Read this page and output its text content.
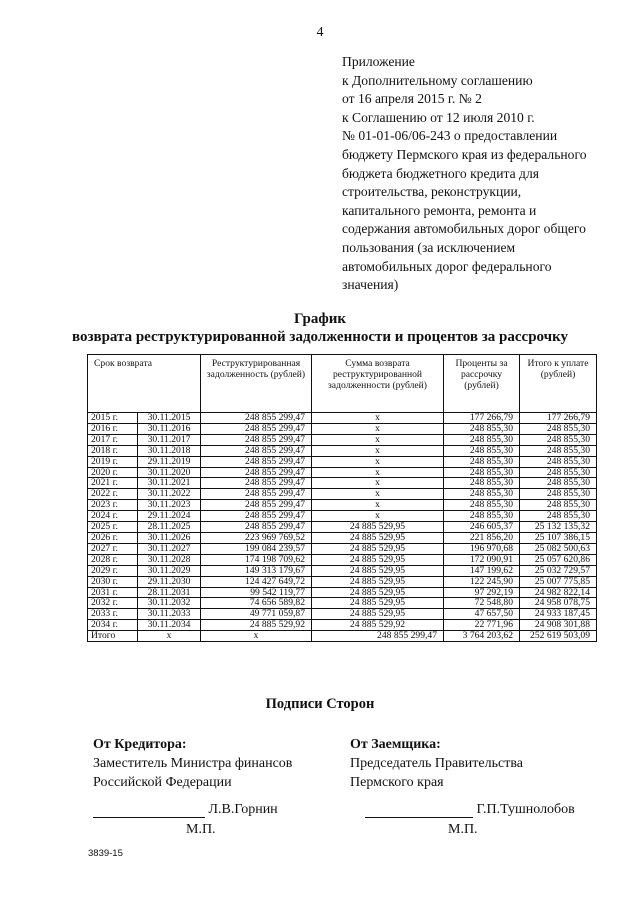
4
Приложение
к Дополнительному соглашению
от 16 апреля 2015 г. № 2
к Соглашению от 12 июля 2010 г.
№ 01-01-06/06-243 о предоставлении
бюджету Пермского края из федерального
бюджета бюджетного кредита для
строительства, реконструкции,
капитального ремонта, ремонта и
содержания автомобильных дорог общего
пользования (за исключением
автомобильных дорог федерального
значения)
График
возврата реструктурированной задолженности и процентов за рассрочку
Срок возврата		Реструктурированная задолженность (рублей)	Сумма возврата реструктурированной задолженности (рублей)	Проценты за рассрочку (рублей)	Итого к уплате (рублей)
2015 г.	30.11.2015	248 855 299,47	х	177 266,79	177 266,79
2016 г.	30.11.2016	248 855 299,47	х	248 855,30	248 855,30
2017 г.	30.11.2017	248 855 299,47	х	248 855,30	248 855,30
2018 г.	30.11.2018	248 855 299,47	х	248 855,30	248 855,30
2019 г.	29.11.2019	248 855 299,47	х	248 855,30	248 855,30
2020 г.	30.11.2020	248 855 299,47	х	248 855,30	248 855,30
2021 г.	30.11.2021	248 855 299,47	х	248 855,30	248 855,30
2022 г.	30.11.2022	248 855 299,47	х	248 855,30	248 855,30
2023 г.	30.11.2023	248 855 299,47	х	248 855,30	248 855,30
2024 г.	29.11.2024	248 855 299,47	х	248 855,30	248 855,30
2025 г.	28.11.2025	248 855 299,47	24 885 529,95	246 605,37	25 132 135,32
2026 г.	30.11.2026	223 969 769,52	24 885 529,95	221 856,20	25 107 386,15
2027 г.	30.11.2027	199 084 239,57	24 885 529,95	196 970,68	25 082 500,63
2028 г.	30.11.2028	174 198 709,62	24 885 529,95	172 090,91	25 057 620,86
2029 г.	30.11.2029	149 313 179,67	24 885 529,95	147 199,62	25 032 729,57
2030 г.	29.11.2030	124 427 649,72	24 885 529,95	122 245,90	25 007 775,85
2031 г.	28.11.2031	99 542 119,77	24 885 529,95	97 292,19	24 982 822,14
2032 г.	30.11.2032	74 656 589,82	24 885 529,95	72 548,80	24 958 078,75
2033 г.	30.11.2033	49 771 059,87	24 885 529,95	47 657,50	24 933 187,45
2034 г.	30.11.2034	24 885 529,92	24 885 529,92	22 771,96	24 908 301,88
Итого	х	х	248 855 299,47	3 764 203,62	252 619 503,09
Подписи Сторон
От Кредитора:
Заместитель Министра финансов
Российской Федерации
От Заемщика:
Председатель Правительства
Пермского края
Л.В.Горнин
М.П.
Г.П.Тушнолобов
М.П.
3839-15
